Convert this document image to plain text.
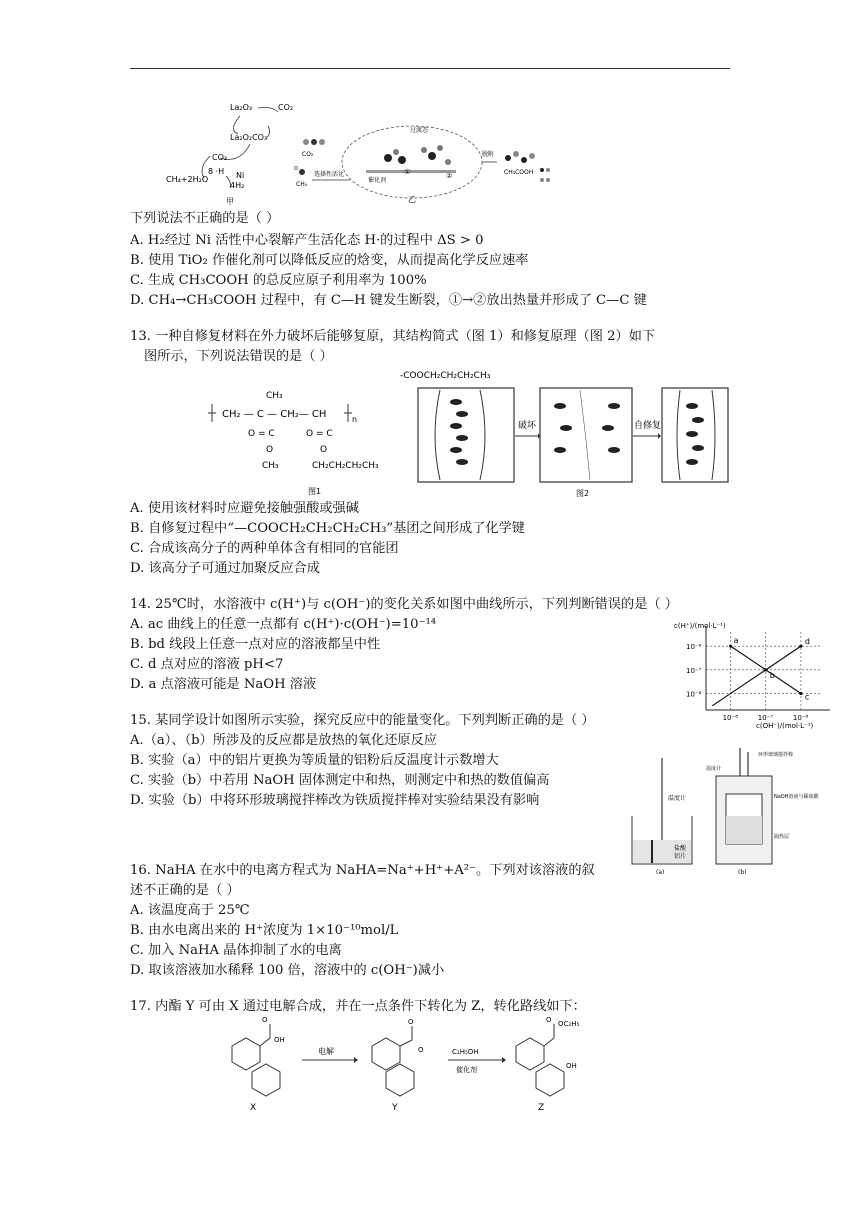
La₂O₃	CO₂
La₂O₂CO₃
CO₂
CH₄+2H₂O
8 ·H Ni
4H₂
甲
过渡态
CO₂
CH₄
选择性活化
催化剂
①	②
脱附
CH₃COOH
乙
下列说法不正确的是（ ）
A. H₂经过 Ni 活性中心裂解产生活化态 H·的过程中 ΔS > 0
B. 使用 TiO₂ 作催化剂可以降低反应的焓变，从而提高化学反应速率
C. 生成 CH₃COOH 的总反应原子利用率为 100%
D. CH₄→CH₃COOH 过程中，有 C—H 键发生断裂，①→②放出热量并形成了 C—C 键
13. 一种自修复材料在外力破坏后能够复原，其结构简式（图 1）和修复原理（图 2）如下
图所示，下列说法错误的是（ ）
CH₃
CH₂ — C — CH₂— CH	n
O = C	O = C
O	O
CH₃	CH₂CH₂CH₂CH₃
图1
-COOCH₂CH₂CH₂CH₃
破坏	自修复
图2
A. 使用该材料时应避免接触强酸或强碱
B. 自修复过程中“—COOCH₂CH₂CH₂CH₃”基团之间形成了化学键
C. 合成该高分子的两种单体含有相同的官能团
D. 该高分子可通过加聚反应合成
14. 25℃时，水溶液中 c(H⁺)与 c(OH⁻)的变化关系如图中曲线所示，下列判断错误的是（ ）
A. ac 曲线上的任意一点都有 c(H⁺)·c(OH⁻)=10⁻¹⁴
B. bd 线段上任意一点对应的溶液都呈中性
C. d 点对应的溶液 pH<7
D. a 点溶液可能是 NaOH 溶液
c(H⁺)/(mol·L⁻¹)
c(OH⁻)/(mol·L⁻¹)
10⁻⁸	10⁻⁷	10⁻⁶
10⁻⁶
10⁻⁷
10⁻⁸
a
b
c
d
15. 某同学设计如图所示实验，探究反应中的能量变化。下列判断正确的是（ ）
A.（a）、（b）所涉及的反应都是放热的氧化还原反应
B. 实验（a）中的铝片更换为等质量的铝粉后反温度计示数增大
C. 实验（b）中若用 NaOH 固体测定中和热，则测定中和热的数值偏高
D. 实验（b）中将环形玻璃搅拌棒改为铁质搅拌棒对实验结果没有影响	温度计
盐酸
铝片
(a)
环形玻璃搅拌棒
温度计
NaOH溶液与稀盐酸
隔热层
(b)
16. NaHA 在水中的电离方程式为 NaHA=Na⁺+H⁺+A²⁻。下列对该溶液的叙
述不正确的是（ ）
A. 该温度高于 25℃
B. 由水电离出来的 H⁺浓度为 1×10⁻¹⁰mol/L
C. 加入 NaHA 晶体抑制了水的电离
D. 取该溶液加水稀释 100 倍，溶液中的 c(OH⁻)减小
17. 内酯 Y 可由 X 通过电解合成，并在一点条件下转化为 Z，转化路线如下：
O
OH
X
电解
O
O
Y
C₂H₅OH
催化剂
O OC₂H₅
OH
Z
